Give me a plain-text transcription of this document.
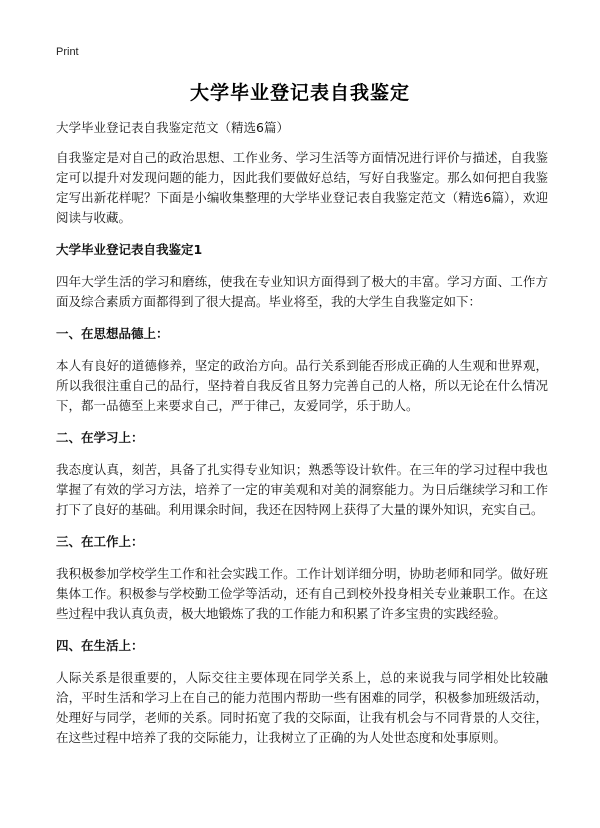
Print
大学毕业登记表自我鉴定

大学毕业登记表自我鉴定范文（精选6篇）

自我鉴定是对自己的政治思想、工作业务、学习生活等方面情况进行评价与描述，自我鉴定可以提升对发现问题的能力，因此我们要做好总结，写好自我鉴定。那么如何把自我鉴定写出新花样呢？下面是小编收集整理的大学毕业登记表自我鉴定范文（精选6篇），欢迎阅读与收藏。

大学毕业登记表自我鉴定1

四年大学生活的学习和磨练，使我在专业知识方面得到了极大的丰富。学习方面、工作方面及综合素质方面都得到了很大提高。毕业将至，我的大学生自我鉴定如下：

一、在思想品德上：

本人有良好的道德修养，坚定的政治方向。品行关系到能否形成正确的人生观和世界观，所以我很注重自己的品行，坚持着自我反省且努力完善自己的人格，所以无论在什么情况下，都一品德至上来要求自己，严于律己，友爱同学，乐于助人。

二、在学习上：

我态度认真，刻苦，具备了扎实得专业知识；熟悉等设计软件。在三年的学习过程中我也掌握了有效的学习方法，培养了一定的审美观和对美的洞察能力。为日后继续学习和工作打下了良好的基础。利用课余时间，我还在因特网上获得了大量的课外知识，充实自己。

三、在工作上：

我积极参加学校学生工作和社会实践工作。工作计划详细分明，协助老师和同学。做好班集体工作。积极参与学校勤工俭学等活动，还有自己到校外投身相关专业兼职工作。在这些过程中我认真负责，极大地锻炼了我的工作能力和积累了许多宝贵的实践经验。

四、在生活上：

人际关系是很重要的，人际交往主要体现在同学关系上，总的来说我与同学相处比较融洽，平时生活和学习上在自己的能力范围内帮助一些有困难的同学，积极参加班级活动，处理好与同学，老师的关系。同时拓宽了我的交际面，让我有机会与不同背景的人交往，在这些过程中培养了我的交际能力，让我树立了正确的为人处世态度和处事原则。
